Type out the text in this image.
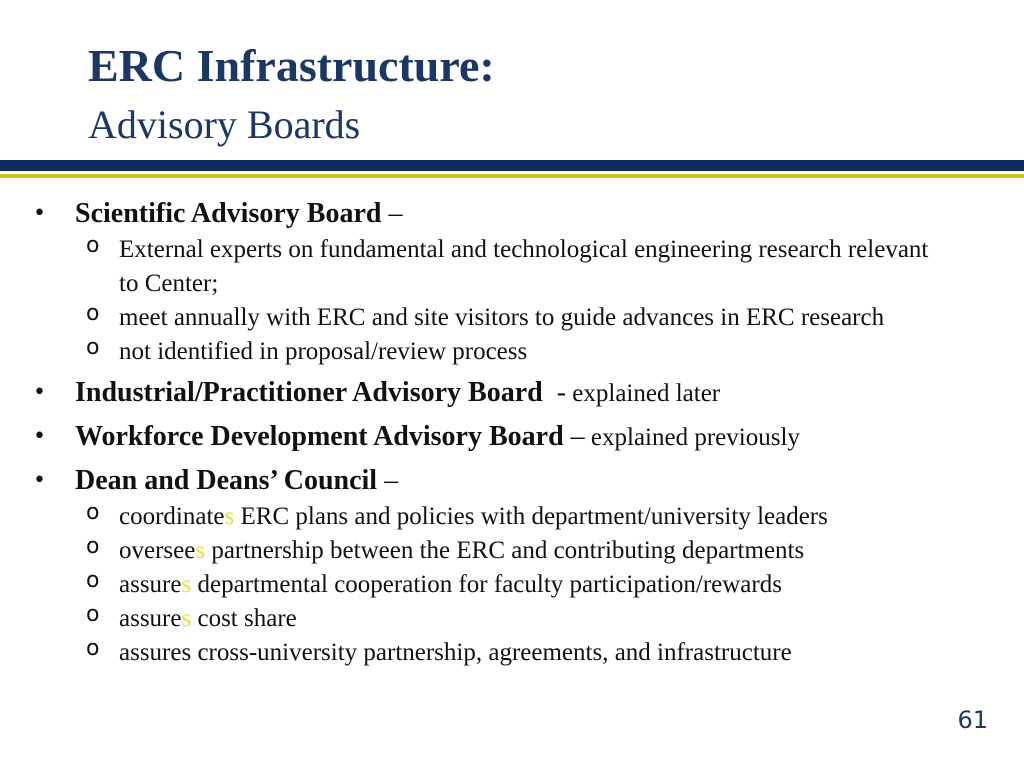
ERC Infrastructure:
Advisory Boards
• Scientific Advisory Board –
o External experts on fundamental and technological engineering research relevant to Center;
o meet annually with ERC and site visitors to guide advances in ERC research
o not identified in proposal/review process
• Industrial/Practitioner Advisory Board  - explained later
• Workforce Development Advisory Board – explained previously
• Dean and Deans’ Council –
o coordinates ERC plans and policies with department/university leaders
o oversees partnership between the ERC and contributing departments
o assures departmental cooperation for faculty participation/rewards
o assures cost share
o assures cross-university partnership, agreements, and infrastructure
61
